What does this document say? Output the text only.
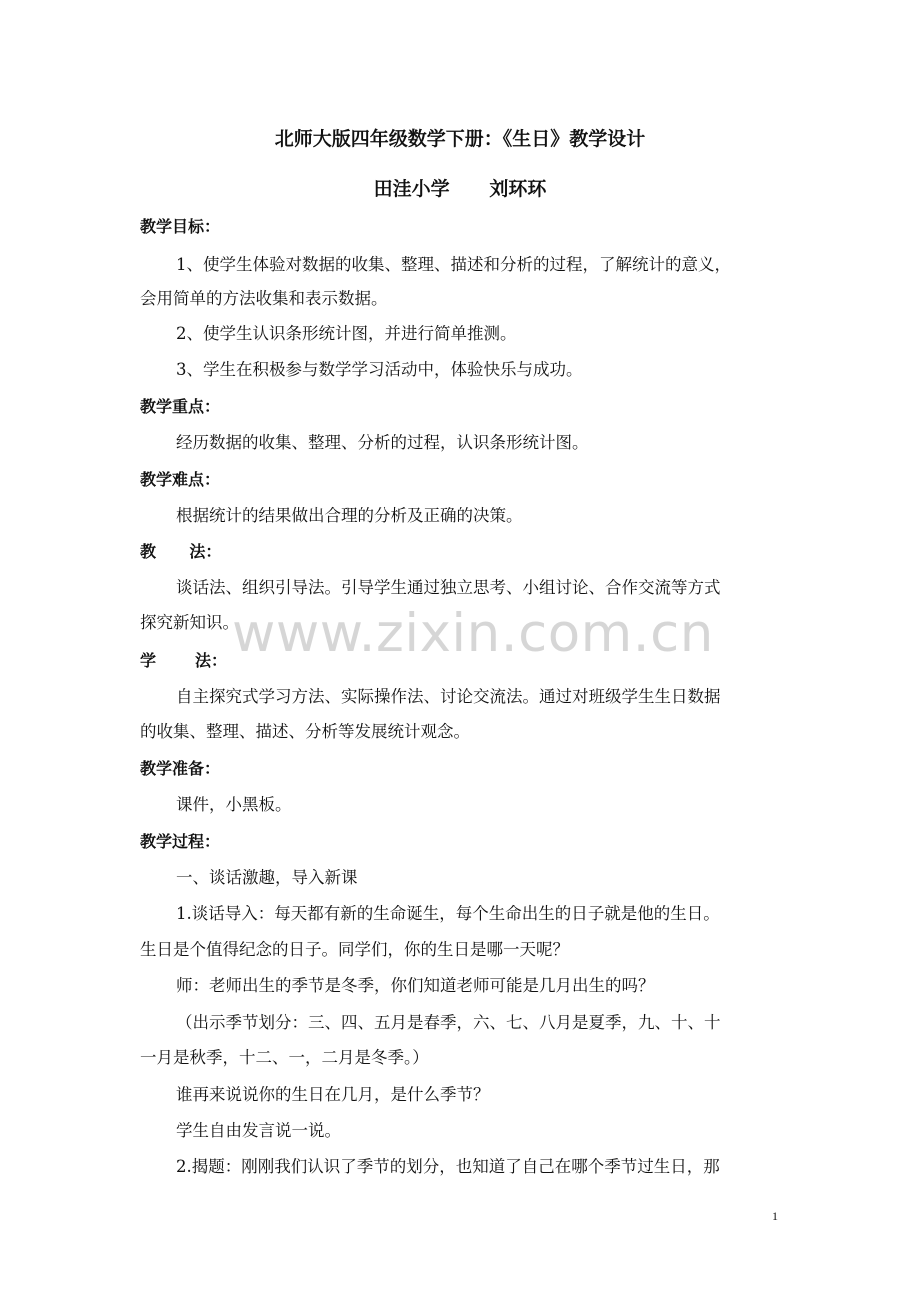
北师大版四年级数学下册：《生日》教学设计
田洼小学      刘环环
教学目标：
1、使学生体验对数据的收集、整理、描述和分析的过程，了解统计的意义，
会用简单的方法收集和表示数据。
2、使学生认识条形统计图，并进行简单推测。
3、学生在积极参与数学学习活动中，体验快乐与成功。
教学重点：
经历数据的收集、整理、分析的过程，认识条形统计图。
教学难点：
根据统计的结果做出合理的分析及正确的决策。
教      法：
谈话法、组织引导法。引导学生通过独立思考、小组讨论、合作交流等方式
探究新知识。
学       法：
自主探究式学习方法、实际操作法、讨论交流法。通过对班级学生生日数据
的收集、整理、描述、分析等发展统计观念。
教学准备：
课件，小黑板。
教学过程：
一、谈话激趣，导入新课
1.谈话导入：每天都有新的生命诞生，每个生命出生的日子就是他的生日。
生日是个值得纪念的日子。同学们，你的生日是哪一天呢？
师：老师出生的季节是冬季，你们知道老师可能是几月出生的吗？
（出示季节划分：三、四、五月是春季，六、七、八月是夏季，九、十、十
一月是秋季，十二、一，二月是冬季。）
谁再来说说你的生日在几月，是什么季节？
学生自由发言说一说。
2.揭题：刚刚我们认识了季节的划分，也知道了自己在哪个季节过生日，那
www.zixin.com.cn
1
